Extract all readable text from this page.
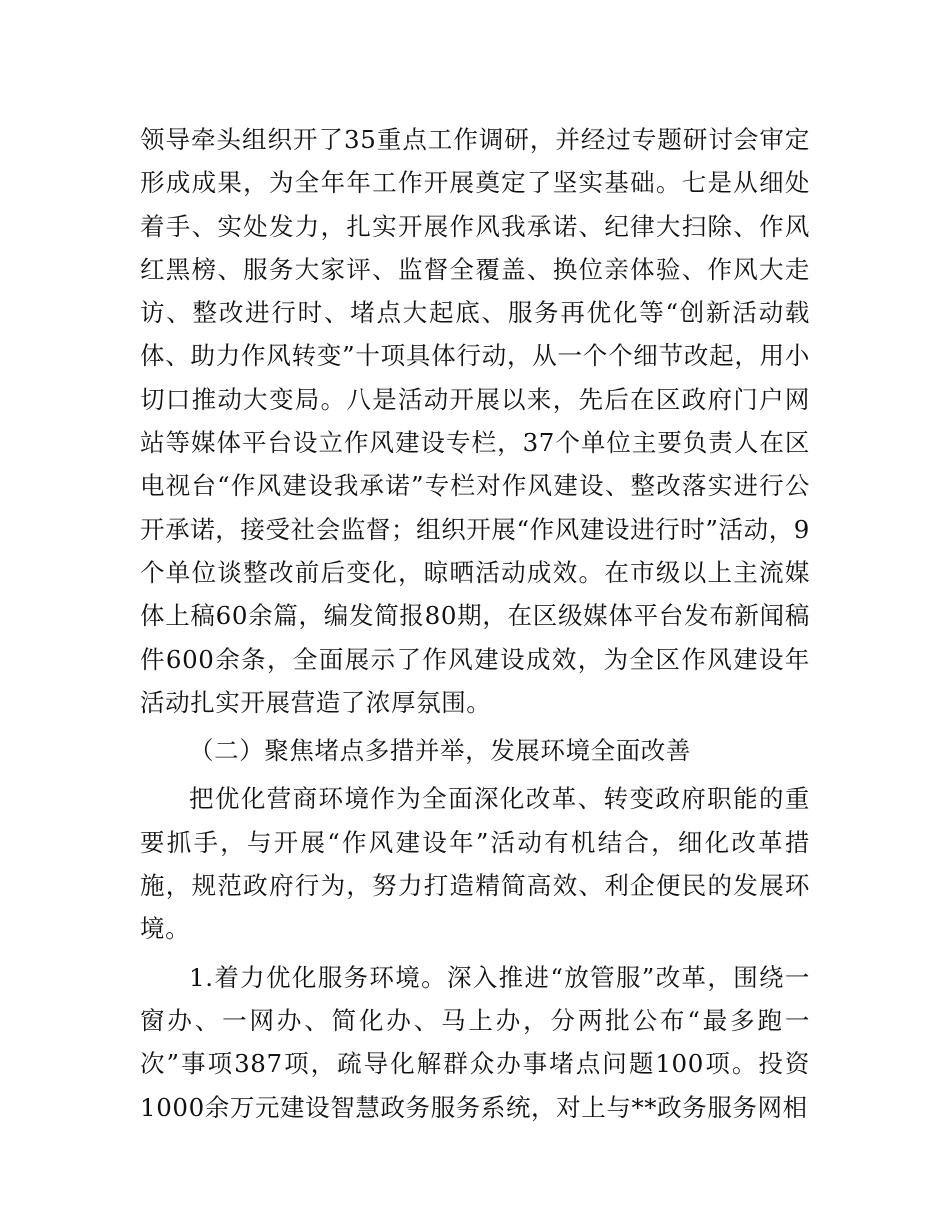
领导牵头组织开了35重点工作调研，并经过专题研讨会审定形成成果，为全年年工作开展奠定了坚实基础。七是从细处着手、实处发力，扎实开展作风我承诺、纪律大扫除、作风红黑榜、服务大家评、监督全覆盖、换位亲体验、作风大走访、整改进行时、堵点大起底、服务再优化等“创新活动载体、助力作风转变”十项具体行动，从一个个细节改起，用小切口推动大变局。八是活动开展以来，先后在区政府门户网站等媒体平台设立作风建设专栏，37个单位主要负责人在区电视台“作风建设我承诺”专栏对作风建设、整改落实进行公开承诺，接受社会监督；组织开展“作风建设进行时”活动，9个单位谈整改前后变化，晾晒活动成效。在市级以上主流媒体上稿60余篇，编发简报80期，在区级媒体平台发布新闻稿件600余条，全面展示了作风建设成效，为全区作风建设年活动扎实开展营造了浓厚氛围。

（二）聚焦堵点多措并举，发展环境全面改善

把优化营商环境作为全面深化改革、转变政府职能的重要抓手，与开展“作风建设年”活动有机结合，细化改革措施，规范政府行为，努力打造精简高效、利企便民的发展环境。

1.着力优化服务环境。深入推进“放管服”改革，围绕一窗办、一网办、简化办、马上办，分两批公布“最多跑一次”事项387项，疏导化解群众办事堵点问题100项。投资1000余万元建设智慧政务服务系统，对上与**政务服务网相
